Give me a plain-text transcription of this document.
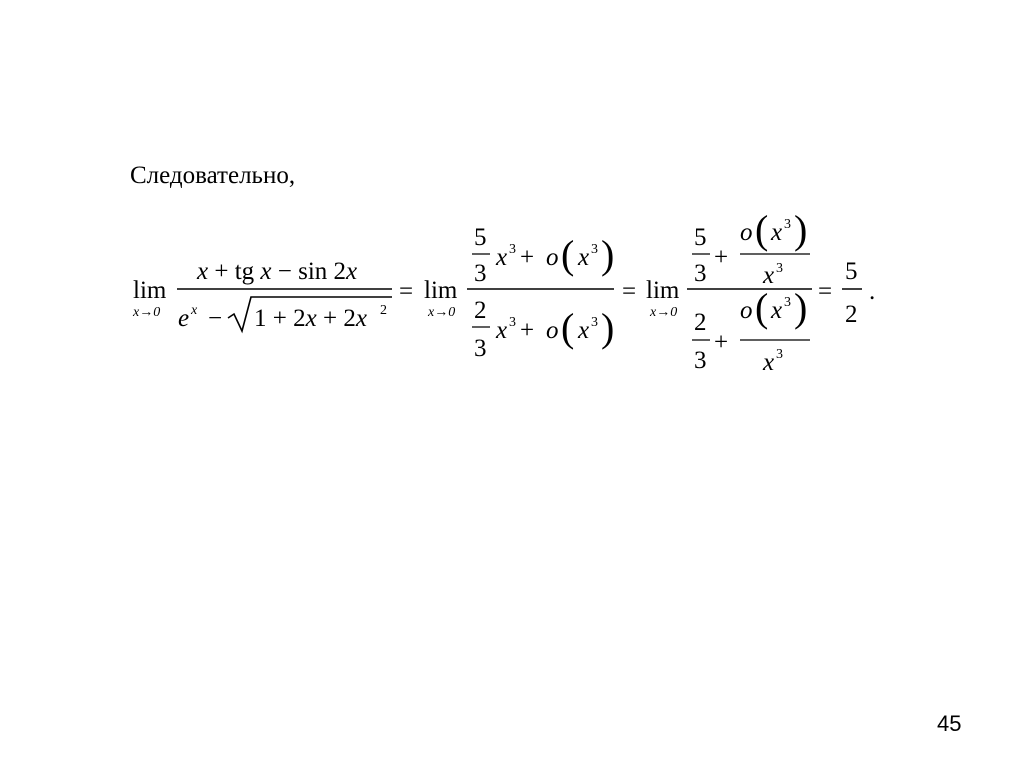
Следовательно,
lim
x→0
x + tg x − sin 2x
e x − 1 + 2x + 2x 2
= lim
x→0
5
3
x 3 + o ( x 3 )
2
3
x 3 + o ( x 3 )
= lim
x→0
5
3
+
o ( x 3 )
x 3
2
3
+
o ( x 3 )
x 3
=
5
2
.
45
